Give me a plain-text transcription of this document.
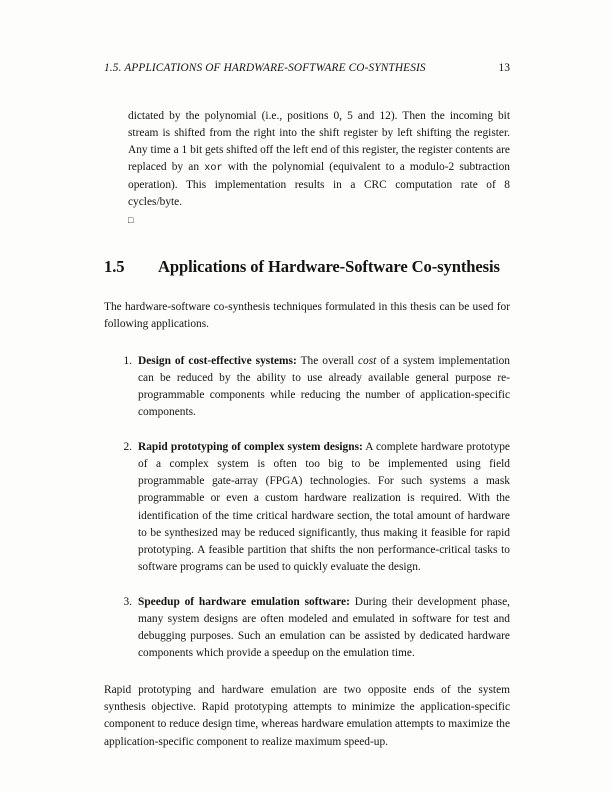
1.5. APPLICATIONS OF HARDWARE-SOFTWARE CO-SYNTHESIS	13

dictated by the polynomial (i.e., positions 0, 5 and 12). Then the incoming bit stream is shifted from the right into the shift register by left shifting the register. Any time a 1 bit gets shifted off the left end of this register, the register contents are replaced by an xor with the polynomial (equivalent to a modulo-2 subtraction operation). This implementation results in a CRC computation rate of 8 cycles/byte.

□
1.5 Applications of Hardware-Software Co-synthesis

The hardware-software co-synthesis techniques formulated in this thesis can be used for following applications.

1. Design of cost-effective systems: The overall cost of a system implementation can be reduced by the ability to use already available general purpose re-programmable components while reducing the number of application-specific components.
2. Rapid prototyping of complex system designs: A complete hardware prototype of a complex system is often too big to be implemented using field programmable gate-array (FPGA) technologies. For such systems a mask programmable or even a custom hardware realization is required. With the identification of the time critical hardware section, the total amount of hardware to be synthesized may be reduced significantly, thus making it feasible for rapid prototyping. A feasible partition that shifts the non performance-critical tasks to software programs can be used to quickly evaluate the design.
3. Speedup of hardware emulation software: During their development phase, many system designs are often modeled and emulated in software for test and debugging purposes. Such an emulation can be assisted by dedicated hardware components which provide a speedup on the emulation time.

Rapid prototyping and hardware emulation are two opposite ends of the system synthesis objective. Rapid prototyping attempts to minimize the application-specific component to reduce design time, whereas hardware emulation attempts to maximize the application-specific component to realize maximum speed-up.
